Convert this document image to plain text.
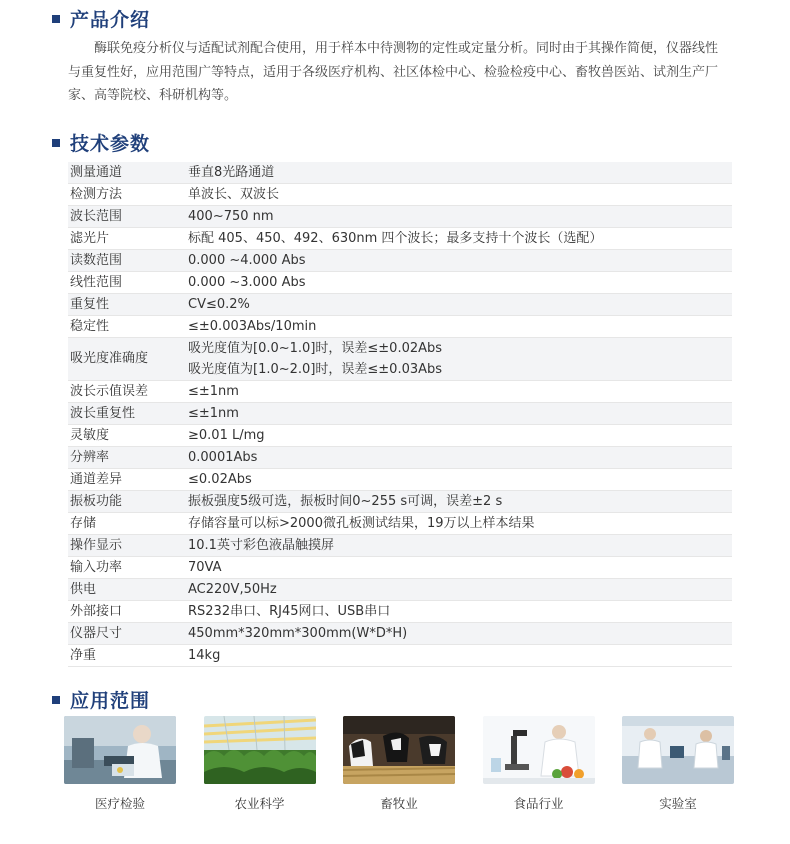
产品介绍
酶联免疫分析仪与适配试剂配合使用，用于样本中待测物的定性或定量分析。同时由于其操作简便，仪器线性与重复性好，应用范围广等特点，适用于各级医疗机构、社区体检中心、检验检疫中心、畜牧兽医站、试剂生产厂家、高等院校、科研机构等。
技术参数
测量通道	垂直8光路通道

检测方法	单波长、双波长

波长范围	400~750 nm

滤光片	标配 405、450、492、630nm 四个波长；最多支持十个波长（选配）

读数范围	0.000 ~4.000 Abs

线性范围	0.000 ~3.000 Abs

重复性	CV≤0.2%

稳定性	≤±0.003Abs/10min

吸光度准确度	吸光度值为[0.0~1.0]时，误差≤±0.02Abs
吸光度值为[1.0~2.0]时，误差≤±0.03Abs

波长示值误差	≤±1nm

波长重复性	≤±1nm

灵敏度	≥0.01 L/mg

分辨率	0.0001Abs

通道差异	≤0.02Abs

振板功能	振板强度5级可选，振板时间0~255 s可调，误差±2 s

存储	存储容量可以标>2000微孔板测试结果，19万以上样本结果

操作显示	10.1英寸彩色液晶触摸屏

输入功率	70VA

供电	AC220V,50Hz

外部接口	RS232串口、RJ45网口、USB串口

仪器尺寸	450mm*320mm*300mm(W*D*H)

净重	14kg
应用范围
医疗检验	农业科学	畜牧业	食品行业	实验室
